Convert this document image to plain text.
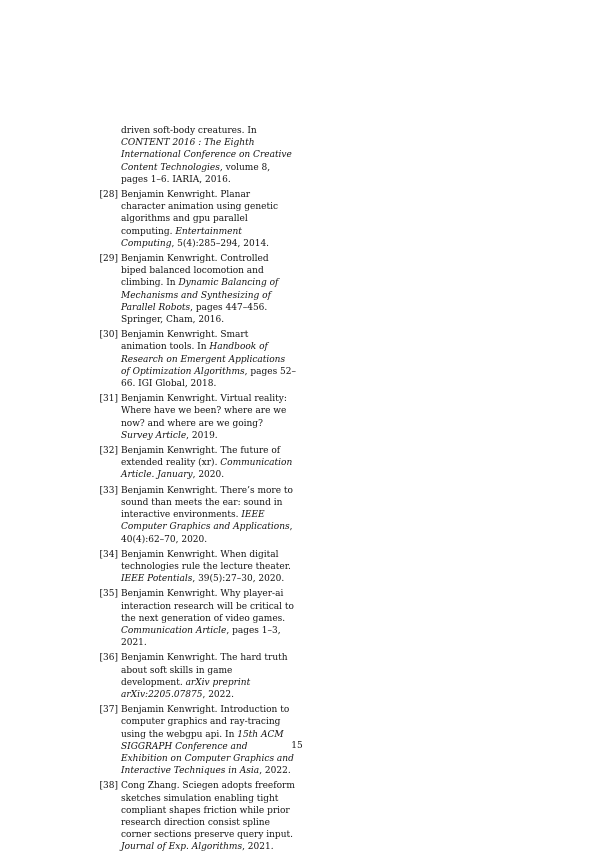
driven soft-body creatures. In CONTENT 2016 : The Eighth International Conference on Creative Content Technologies, volume 8, pages 1–6. IARIA, 2016.
[28] Benjamin Kenwright. Planar character animation using genetic algorithms and gpu parallel computing. Entertainment Computing, 5(4):285–294, 2014.
[29] Benjamin Kenwright. Controlled biped balanced locomotion and climbing. In Dynamic Balancing of Mechanisms and Synthesizing of Parallel Robots, pages 447–456. Springer, Cham, 2016.
[30] Benjamin Kenwright. Smart animation tools. In Handbook of Research on Emergent Applications of Optimization Algorithms, pages 52–66. IGI Global, 2018.
[31] Benjamin Kenwright. Virtual reality: Where have we been? where are we now? and where are we going? Survey Article, 2019.
[32] Benjamin Kenwright. The future of extended reality (xr). Communication Article. January, 2020.
[33] Benjamin Kenwright. There’s more to sound than meets the ear: sound in interactive environments. IEEE Computer Graphics and Applications, 40(4):62–70, 2020.
[34] Benjamin Kenwright. When digital technologies rule the lecture theater. IEEE Potentials, 39(5):27–30, 2020.
[35] Benjamin Kenwright. Why player-ai interaction research will be critical to the next generation of video games. Communication Article, pages 1–3, 2021.
[36] Benjamin Kenwright. The hard truth about soft skills in game development. arXiv preprint arXiv:2205.07875, 2022.
[37] Benjamin Kenwright. Introduction to computer graphics and ray-tracing using the webgpu api. In 15th ACM SIGGRAPH Conference and Exhibition on Computer Graphics and Interactive Techniques in Asia, 2022.
[38] Cong Zhang. Sciegen adopts freeform sketches simulation enabling tight compliant shapes friction while prior research direction consist spline corner sections preserve query input. Journal of Exp. Algorithms, 2021.
15
